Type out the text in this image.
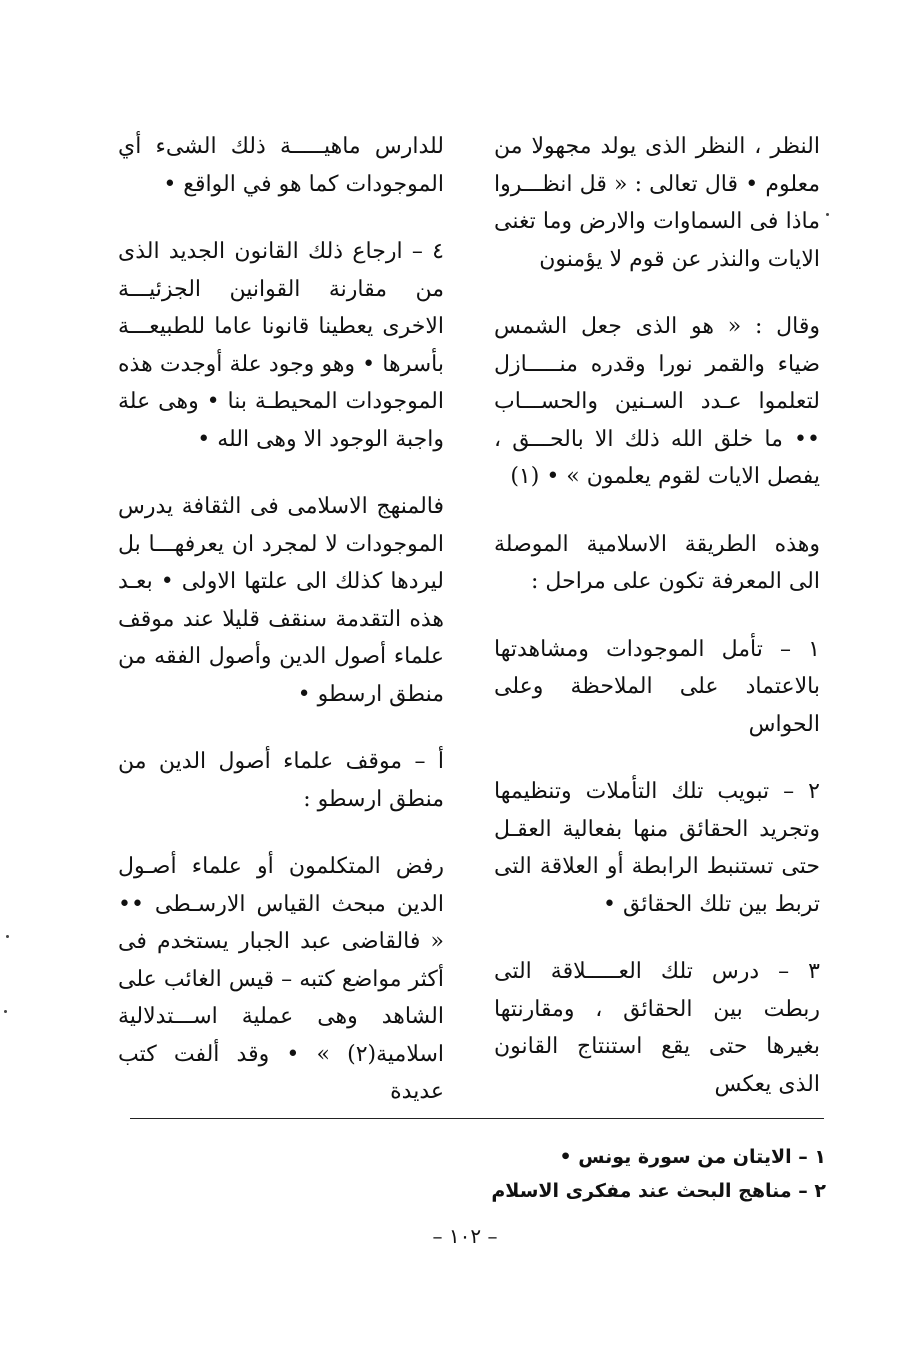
النظر ، النظر الذى يولد مجهولا من معلوم • قال تعالى : « قل انظـــروا ماذا فى السماوات والارض وما تغنى الايات والنذر عن قوم لا يؤمنون

وقال : « هو الذى جعل الشمس ضياء والقمر نورا وقدره منـــــازل لتعلموا عـدد السـنين والحســـاب •• ما خلق الله ذلك الا بالحـــق ، يفصل الايات لقوم يعلمون » • (١)

وهذه الطريقة الاسلامية الموصلة الى المعرفة تكون على مراحل :

١ – تأمل الموجودات ومشاهدتها بالاعتماد على الملاحظة وعلى الحواس

٢ – تبويب تلك التأملات وتنظيمها وتجريد الحقائق منها بفعالية العقـل حتى تستنبط الرابطة أو العلاقة التى تربط بين تلك الحقائق •

٣ – درس تلك العـــــلاقة التى ربطت بين الحقائق ، ومقارنتها بغيرها حتى يقع استنتاج القانون الذى يعكس

للدارس ماهيـــــة ذلك الشىء أي الموجودات كما هو في الواقع •

٤ – ارجاع ذلك القانون الجديد الذى من مقارنة القوانين الجزئيـــة الاخرى يعطينا قانونا عاما للطبيعـــة بأسرها • وهو وجود علة أوجدت هذه الموجودات المحيطـة بنا • وهى علة واجبة الوجود الا وهى الله •

فالمنهج الاسلامى فى الثقافة يدرس الموجودات لا لمجرد ان يعرفهـــا بل ليردها كذلك الى علتها الاولى • بعـد هذه التقدمة سنقف قليلا عند موقف علماء أصول الدين وأصول الفقه من منطق ارسطو •

أ – موقف علماء أصول الدين من منطق ارسطو :

رفض المتكلمون أو علماء أصـول الدين مبحث القياس الارسـطى •• « فالقاضى عبد الجبار يستخدم فى أكثر مواضع كتبه – قيس الغائب على الشاهد وهى عملية اســـتدلالية اسلامية(٢) » • وقد ألفت كتب عديدة

١ – الايتان من سورة يونس •

٢ – مناهج البحث عند مفكرى الاسلام

– ١٠٢ –
